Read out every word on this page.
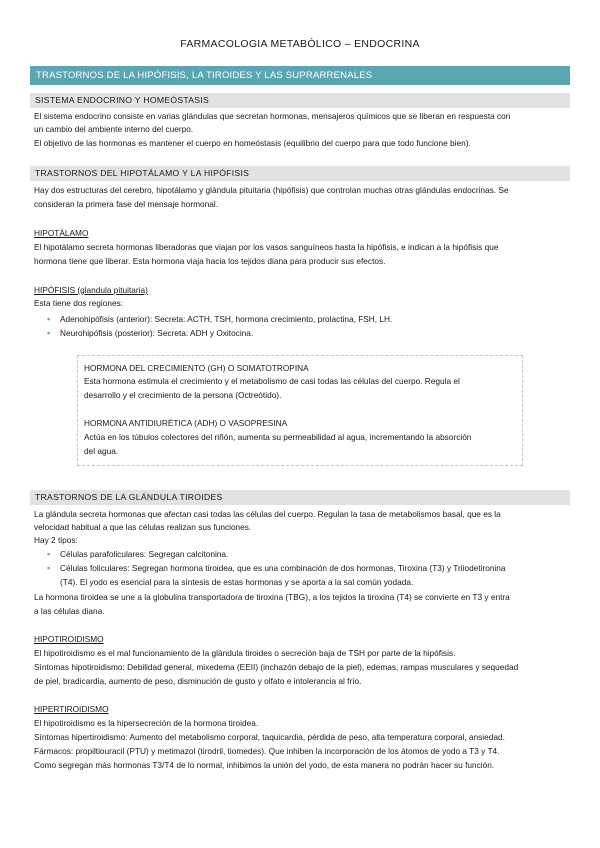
FARMACOLOGIA METABÓLICO – ENDOCRINA
TRASTORNOS DE LA HIPÓFISIS, LA TIROIDES Y LAS SUPRARRENALES
SISTEMA ENDOCRINO Y HOMEÓSTASIS
El sistema endocrino consiste en varias glándulas que secretan hormonas, mensajeros químicos que se liberan en respuesta con
un cambio del ambiente interno del cuerpo.
El objetivo de las hormonas es mantener el cuerpo en homeóstasis (equilibrio del cuerpo para que todo funcione bien).
TRASTORNOS DEL HIPOTÁLAMO Y LA HIPÓFISIS
Hay dos estructuras del cerebro, hipotálamo y glándula pituitaria (hipófisis) que controlan muchas otras glándulas endocrinas. Se
consideran la primera fase del mensaje hormonal.
HIPOTÁLAMO
El hipotálamo secreta hormonas liberadoras que viajan por los vasos sanguíneos hasta la hipófisis, e indican a la hipófisis que
hormona tiene que liberar. Esta hormona viaja hacia los tejidos diana para producir sus efectos.
HIPÓFISIS (glandula pituitaria)
Esta tiene dos regiones:
▪ Adenohipófisis (anterior): Secreta: ACTH, TSH, hormona crecimiento, prolactina, FSH, LH.
▪ Neurohipófisis (posterior): Secreta: ADH y Oxitocina.
HORMONA DEL CRECIMIENTO (GH) O SOMATOTROPINA
Esta hormona estimula el crecimiento y el metabolismo de casi todas las células del cuerpo. Regula el
desarrollo y el crecimiento de la persona (Octreótido).
HORMONA ANTIDIURÉTICA (ADH) O VASOPRESINA
Actúa en los túbulos colectores del riñón, aumenta su permeabilidad al agua, incrementando la absorción
del agua.
TRASTORNOS DE LA GLÁNDULA TIROIDES
La glándula secreta hormonas que afectan casi todas las células del cuerpo. Regulan la tasa de metabolismos basal, que es la
velocidad habitual a que las células realizan sus funciones.
Hay 2 tipos:
▪ Células parafoliculares: Segregan calcitonina.
▪ Células foliculares: Segregan hormona tiroidea, que es una combinación de dos hormonas, Tiroxina (T3) y Triiodetironina
(T4). El yodo es esencial para la síntesis de estas hormonas y se aporta a la sal común yodada.
La hormona tiroidea se une a la globulina transportadora de tiroxina (TBG), a los tejidos la tiroxina (T4) se convierte en T3 y entra
a las células diana.
HIPOTIROIDISMO
El hipotiroidismo es el mal funcionamiento de la glándula tiroides o secreción baja de TSH por parte de la hipófisis.
Síntomas hipotiroidismo: Debilidad general, mixedema (EEII) (inchazón debajo de la piel), edemas, rampas musculares y sequedad
de piel, bradicardia, aumento de peso, disminución de gusto y olfato e intolerancia al frío.
HIPERTIROIDISMO
El hipotiroidismo es la hipersecreción de la hormona tiroidea.
Síntomas hipertiroidismo: Aumento del metabolismo corporal, taquicardia, pérdida de peso, alta temperatura corporal, ansiedad.
Fármacos: propiltiouracil (PTU) y metimazol (tirodril, tiomedes). Que inhiben la incorporación de los átomos de yodo a T3 y T4.
Como segregan más hormonas T3/T4 de lo normal, inhibimos la unión del yodo, de esta manera no podrán hacer su función.
